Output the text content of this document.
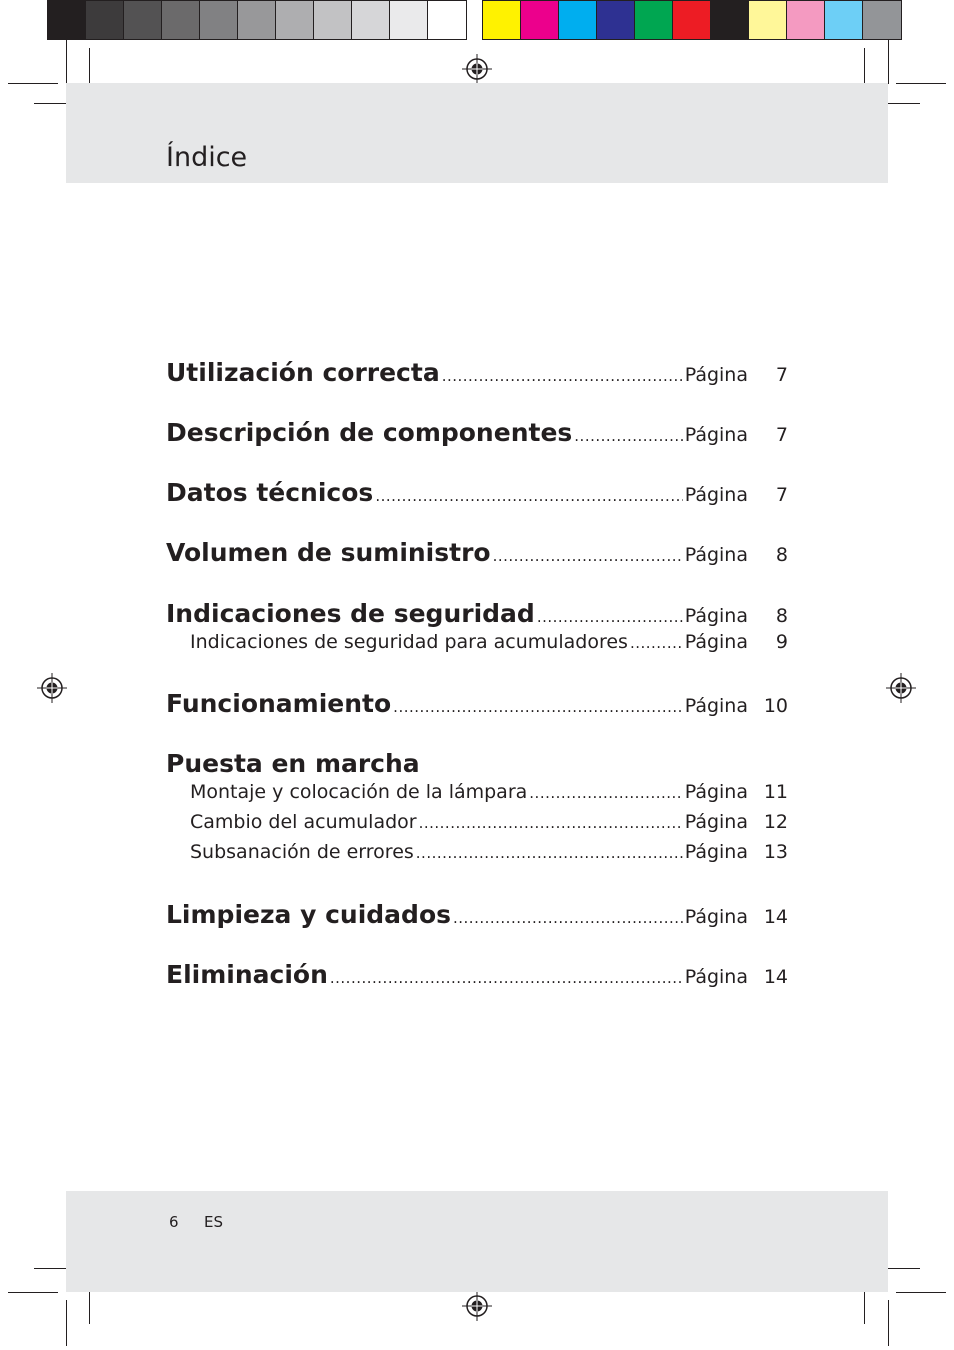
Índice
Utilización correcta .....	Página	7
Descripción de componentes .....	Página	7
Datos técnicos .....	Página	7
Volumen de suministro .....	Página	8
Indicaciones de seguridad .....	Página	8
Indicaciones de seguridad para acumuladores .....	Página	9
Funcionamiento .....	Página 10
Puesta en marcha
Montaje y colocación de la lámpara .....	Página 11
Cambio del acumulador .....	Página 12
Subsanación de errores .....	Página 13
Limpieza y cuidados .....	Página 14
Eliminación .....	Página 14
6 ES
